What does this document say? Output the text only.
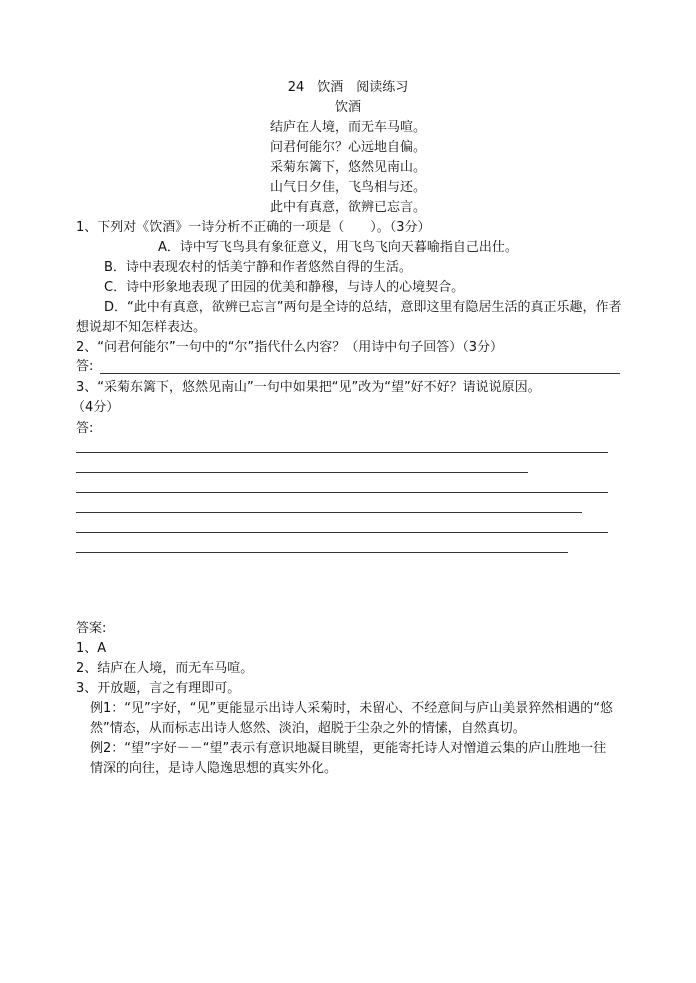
24　饮酒　阅读练习
饮酒
结庐在人境，而无车马喧。
问君何能尔？心远地自偏。
采菊东篱下，悠然见南山。
山气日夕佳，飞鸟相与还。
此中有真意，欲辨已忘言。
1、下列对《饮酒》一诗分析不正确的一项是（　　）。（3分）
A．诗中写飞鸟具有象征意义，用飞鸟飞向天暮喻指自己出仕。
B．诗中表现农村的恬美宁静和作者悠然自得的生活。
C．诗中形象地表现了田园的优美和静穆，与诗人的心境契合。
D．“此中有真意，欲辨已忘言”两句是全诗的总结，意即这里有隐居生活的真正乐趣，作者
想说却不知怎样表达。
2、“问君何能尔”一句中的“尔”指代什么内容？（用诗中句子回答）（3分）
答:
3、“采菊东篱下，悠然见南山”一句中如果把“见”改为“望”好不好？请说说原因。
（4分）
答:
答案:
1、A
2、结庐在人境，而无车马喧。
3、开放题，言之有理即可。
例1：“见”字好，“见”更能显示出诗人采菊时，未留心、不经意间与庐山美景猝然相遇的“悠
然”情态，从而标志出诗人悠然、淡泊，超脱于尘杂之外的情愫，自然真切。
例2：“望”字好－－“望”表示有意识地凝目眺望，更能寄托诗人对憎道云集的庐山胜地一往
情深的向往，是诗人隐逸思想的真实外化。
